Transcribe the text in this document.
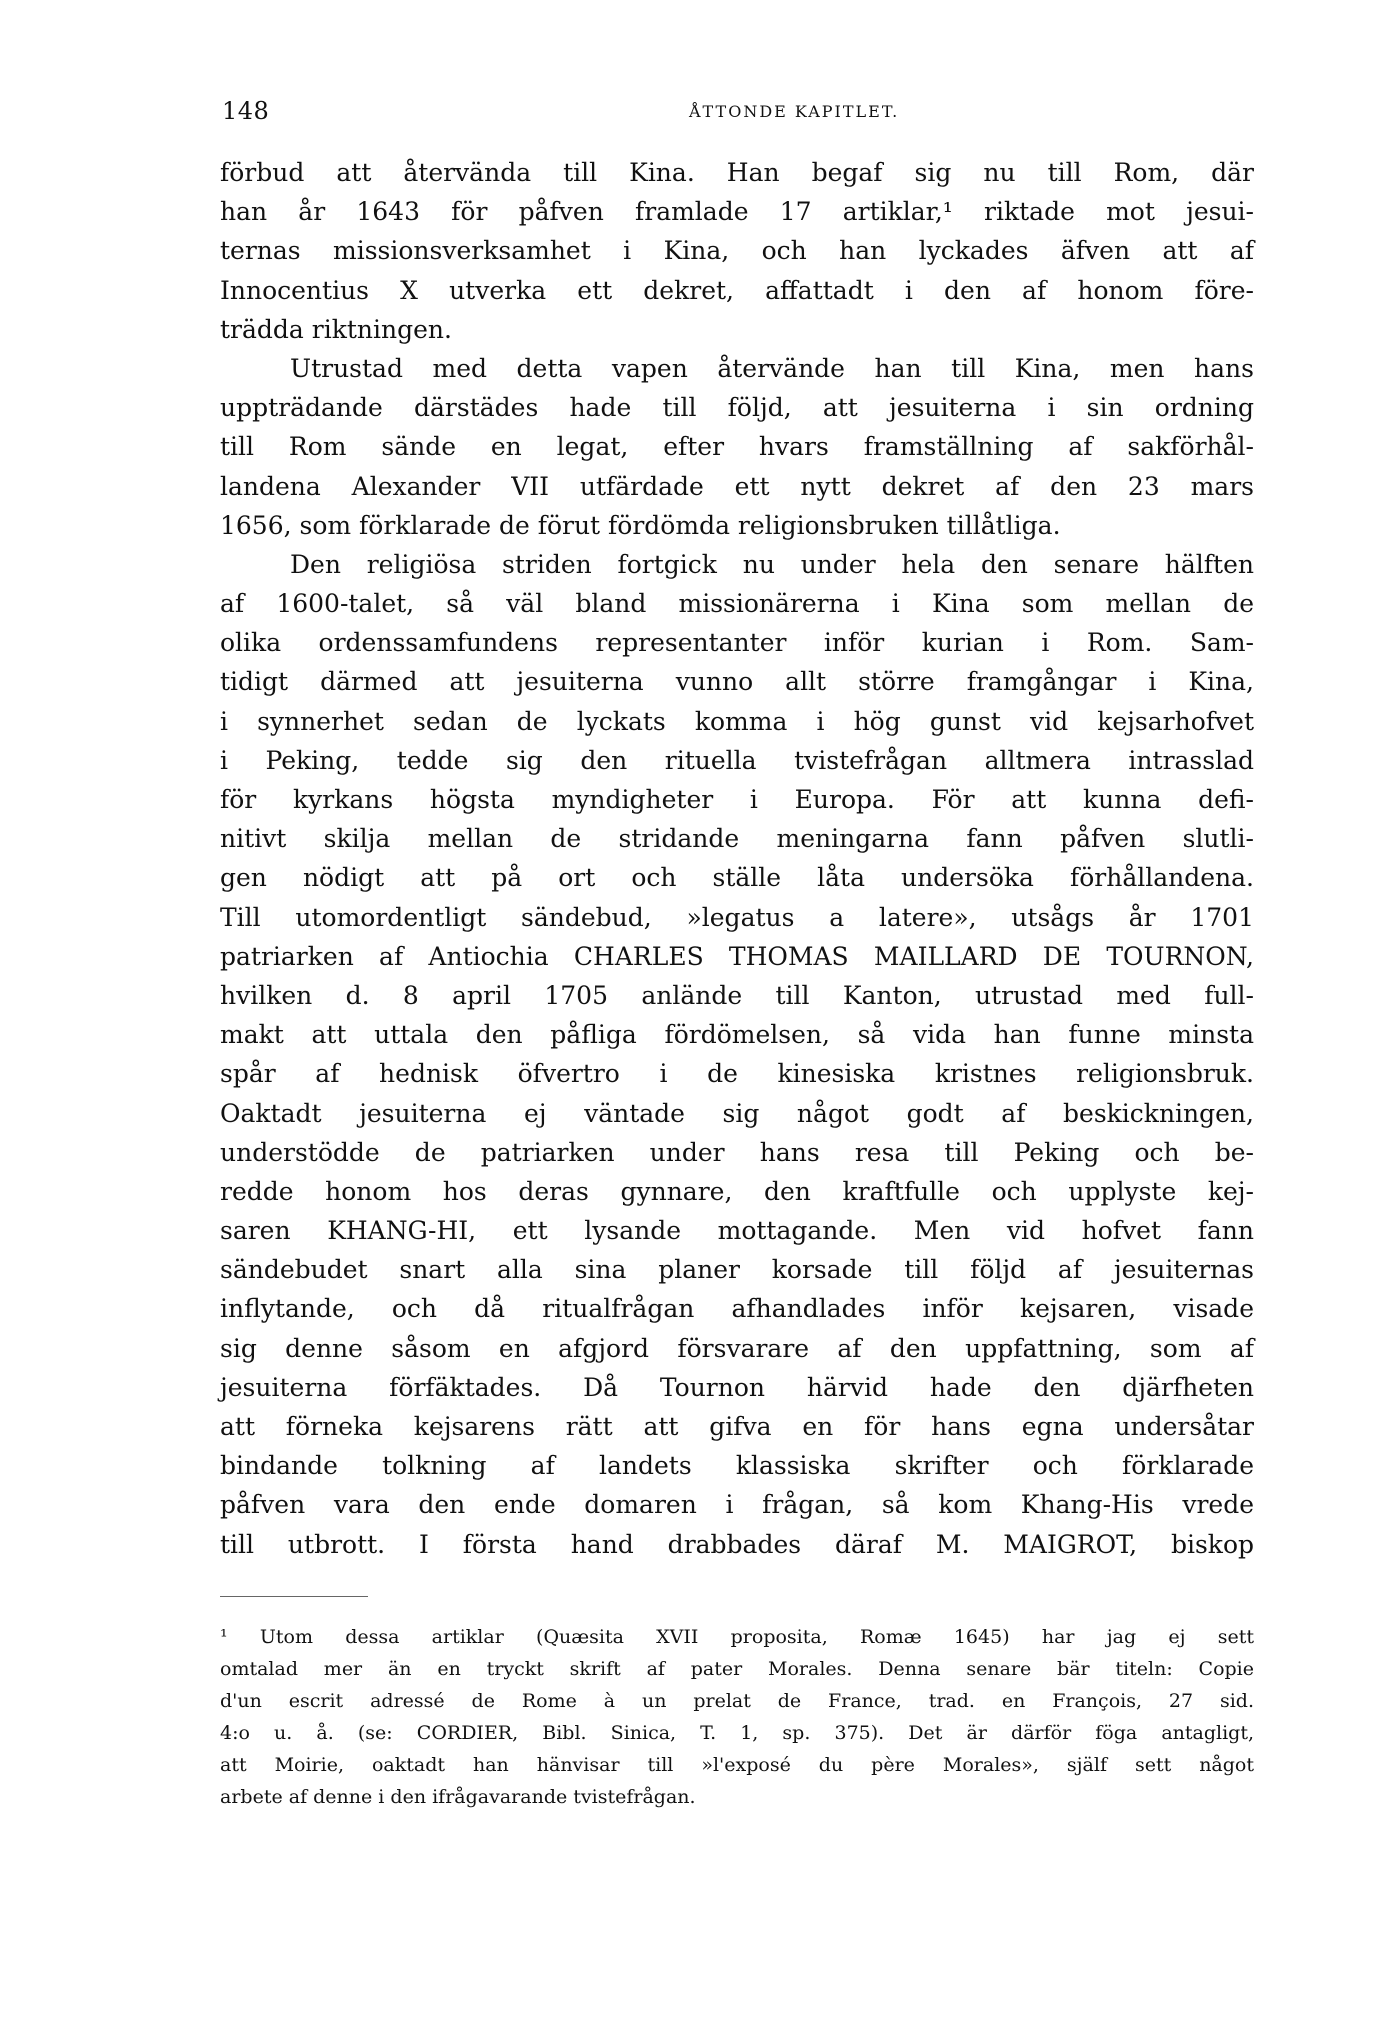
148	ÅTTONDE KAPITLET.
förbud att återvända till Kina. Han begaf sig nu till Rom, där
han år 1643 för påfven framlade 17 artiklar,¹ riktade mot jesui-
ternas missionsverksamhet i Kina, och han lyckades äfven att af
Innocentius X utverka ett dekret, affattadt i den af honom före-
trädda riktningen.
Utrustad med detta vapen återvände han till Kina, men hans
uppträdande därstädes hade till följd, att jesuiterna i sin ordning
till Rom sände en legat, efter hvars framställning af sakförhål-
landena Alexander VII utfärdade ett nytt dekret af den 23 mars
1656, som förklarade de förut fördömda religionsbruken tillåtliga.
Den religiösa striden fortgick nu under hela den senare hälften
af 1600-talet, så väl bland missionärerna i Kina som mellan de
olika ordenssamfundens representanter inför kurian i Rom. Sam-
tidigt därmed att jesuiterna vunno allt större framgångar i Kina,
i synnerhet sedan de lyckats komma i hög gunst vid kejsarhofvet
i Peking, tedde sig den rituella tvistefrågan alltmera intrasslad
för kyrkans högsta myndigheter i Europa. För att kunna defi-
nitivt skilja mellan de stridande meningarna fann påfven slutli-
gen nödigt att på ort och ställe låta undersöka förhållandena.
Till utomordentligt sändebud, »legatus a latere», utsågs år 1701
patriarken af Antiochia CHARLES THOMAS MAILLARD DE TOURNON,
hvilken d. 8 april 1705 anlände till Kanton, utrustad med full-
makt att uttala den påfliga fördömelsen, så vida han funne minsta
spår af hednisk öfvertro i de kinesiska kristnes religionsbruk.
Oaktadt jesuiterna ej väntade sig något godt af beskickningen,
understödde de patriarken under hans resa till Peking och be-
redde honom hos deras gynnare, den kraftfulle och upplyste kej-
saren KHANG-HI, ett lysande mottagande. Men vid hofvet fann
sändebudet snart alla sina planer korsade till följd af jesuiternas
inflytande, och då ritualfrågan afhandlades inför kejsaren, visade
sig denne såsom en afgjord försvarare af den uppfattning, som af
jesuiterna förfäktades. Då Tournon härvid hade den djärfheten
att förneka kejsarens rätt att gifva en för hans egna undersåtar
bindande tolkning af landets klassiska skrifter och förklarade
påfven vara den ende domaren i frågan, så kom Khang-His vrede
till utbrott. I första hand drabbades däraf M. MAIGROT, biskop
¹ Utom dessa artiklar (Quæsita XVII proposita, Romæ 1645) har jag ej sett
omtalad mer än en tryckt skrift af pater Morales. Denna senare bär titeln: Copie
d'un escrit adressé de Rome à un prelat de France, trad. en François, 27 sid.
4:o u. å. (se: CORDIER, Bibl. Sinica, T. 1, sp. 375). Det är därför föga antagligt,
att Moirie, oaktadt han hänvisar till »l'exposé du père Morales», själf sett något
arbete af denne i den ifrågavarande tvistefrågan.
